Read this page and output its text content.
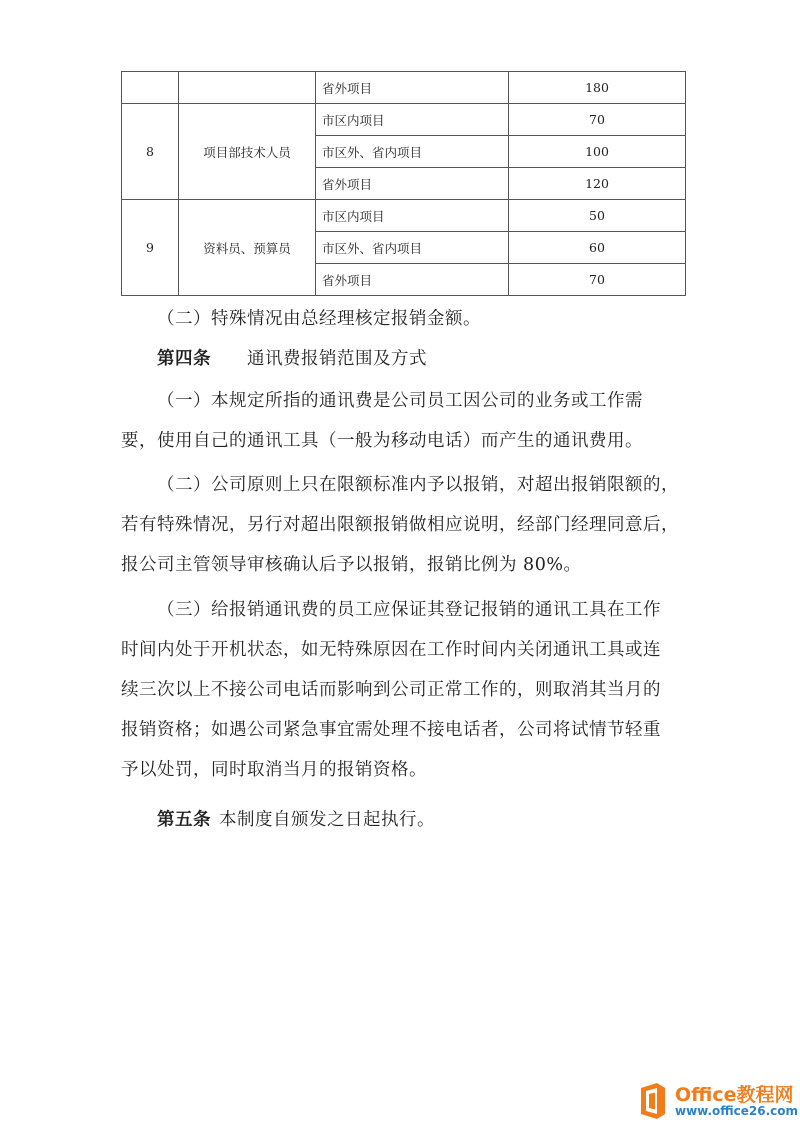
		省外项目	180
8	项目部技术人员	市区内项目	70
		市区外、省内项目	100
		省外项目	120
9	资料员、预算员	市区内项目	50
		市区外、省内项目	60
		省外项目	70

（二）特殊情况由总经理核定报销金额。

第四条 通讯费报销范围及方式

（一）本规定所指的通讯费是公司员工因公司的业务或工作需
要，使用自己的通讯工具（一般为移动电话）而产生的通讯费用。

（二）公司原则上只在限额标准内予以报销，对超出报销限额的，
若有特殊情况，另行对超出限额报销做相应说明，经部门经理同意后，
报公司主管领导审核确认后予以报销，报销比例为 80%。

（三）给报销通讯费的员工应保证其登记报销的通讯工具在工作
时间内处于开机状态，如无特殊原因在工作时间内关闭通讯工具或连
续三次以上不接公司电话而影响到公司正常工作的，则取消其当月的
报销资格；如遇公司紧急事宜需处理不接电话者，公司将试情节轻重
予以处罚，同时取消当月的报销资格。

第五条 本制度自颁发之日起执行。

Office教程网
www.office26.com
